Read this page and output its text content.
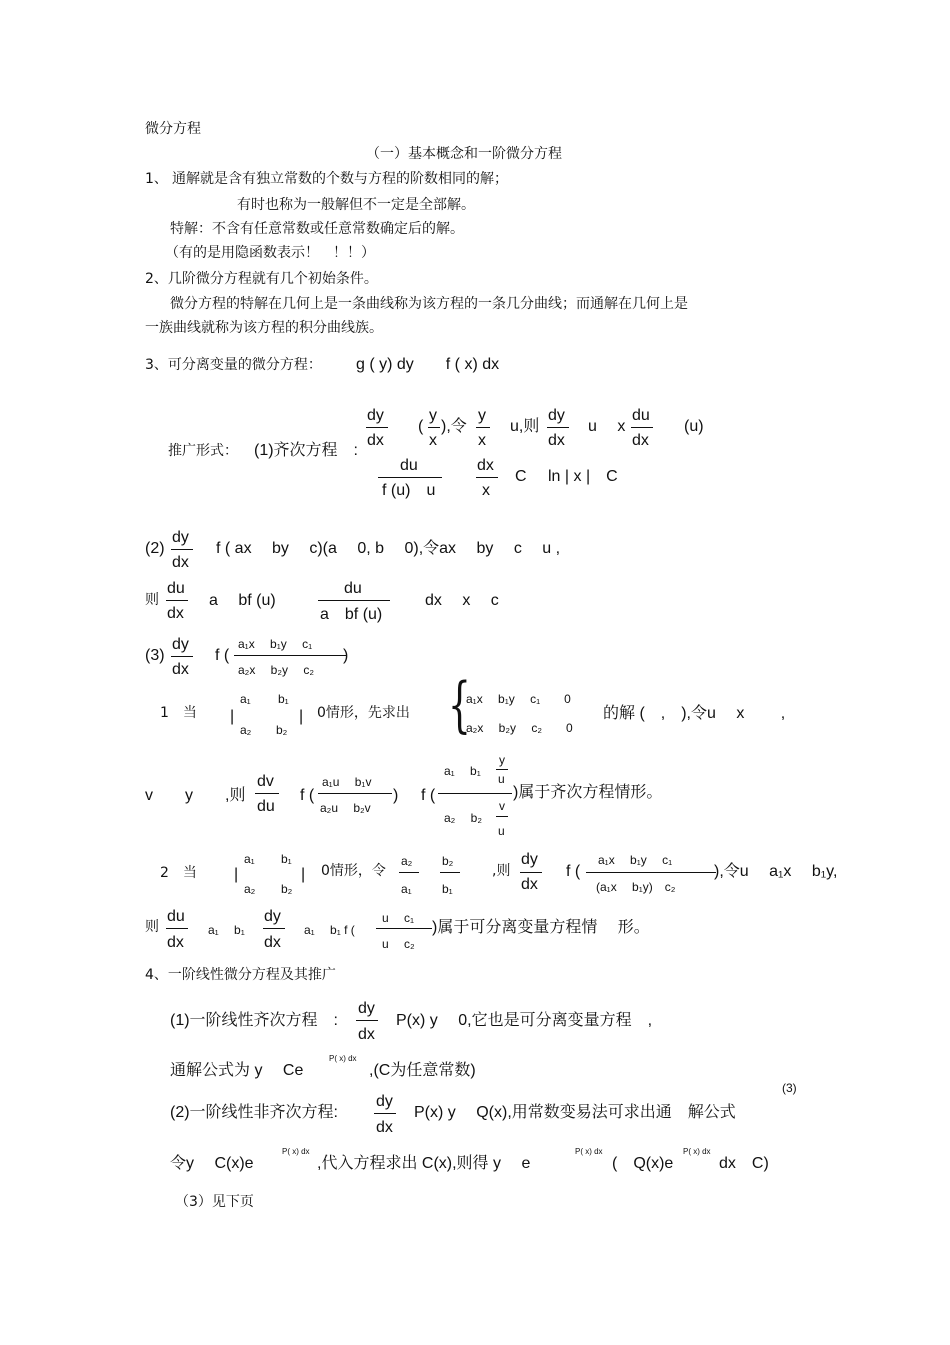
微分方程
（一）基本概念和一阶微分方程
1、 通解就是含有独立常数的个数与方程的阶数相同的解；
有时也称为一般解但不一定是全部解。
特解：不含有任意常数或任意常数确定后的解。
（有的是用隐函数表示！　！！）
2、几阶微分方程就有几个初始条件。
微分方程的特解在几何上是一条曲线称为该方程的一条几分曲线；而通解在几何上是
一族曲线就称为该方程的积分曲线族。
3、可分离变量的微分方程： g ( y) dy　　f ( x) dx
推广形式： (1)齐次方程　:
dy
dx
(
y
x
),令
y
x
u,则
dy
dx
u　 x
du
dx
(u)
du
f (u)　u
dx
x
C ln | x |　C
(2)
dy
dx
f ( ax　 by　 c)(a　 0, b　 0),令ax　 by　 c　 u ,
则
du
dx
a　 bf (u)
du
a　bf (u)
dx　 x　 c
(3)
dy
dx
f (
a₁x　 b₁y　 c₁
a₂x　 b₂y　 c₂
)
1　当
a₁ b₁
a₂ b₂
|	| 0情形，先求出 {
a₁x　 b₁y　 c₁　　0
a₂x　 b₂y　 c₂　　0
的解 (　,　),令u　 x　　 ,
v　　y　　,则
dv
du
f (
a₁u　 b₁v
a₂u　 b₂v
) f (
a₁　 b₁
y
u
a₂　 b₂
v
u
)属于齐次方程情形。
2　当
a₁ b₁
a₂ b₂
|	| 0情形，令
a₂
a₁
b₂
b₁
,则
dy
dx
f (
a₁x　 b₁y　 c₁
(a₁x　 b₁y)　c₂
),令u　 a₁x　 b₁y,
则
du
dx
a₁　 b₁
dy
dx
a₁　 b₁ f (
u　 c₁
u　 c₂
)属于可分离变量方程情　 形。
4、一阶线性微分方程及其推广
(1)一阶线性齐次方程　:
dy
dx
P(x) y　 0,它也是可分离变量方程　,
通解公式为 y　 Ce
P( x) dx
,(C为任意常数)
(3)
(2)一阶线性非齐次方程:
dy
dx
P(x) y　 Q(x),用常数变易法可求出通　解公式
令y　 C(x)e
P( x) dx
,代入方程求出 C(x),则得 y　 e
P( x) dx
(　Q(x)e
P( x) dx
dx　C)
（3）见下页
